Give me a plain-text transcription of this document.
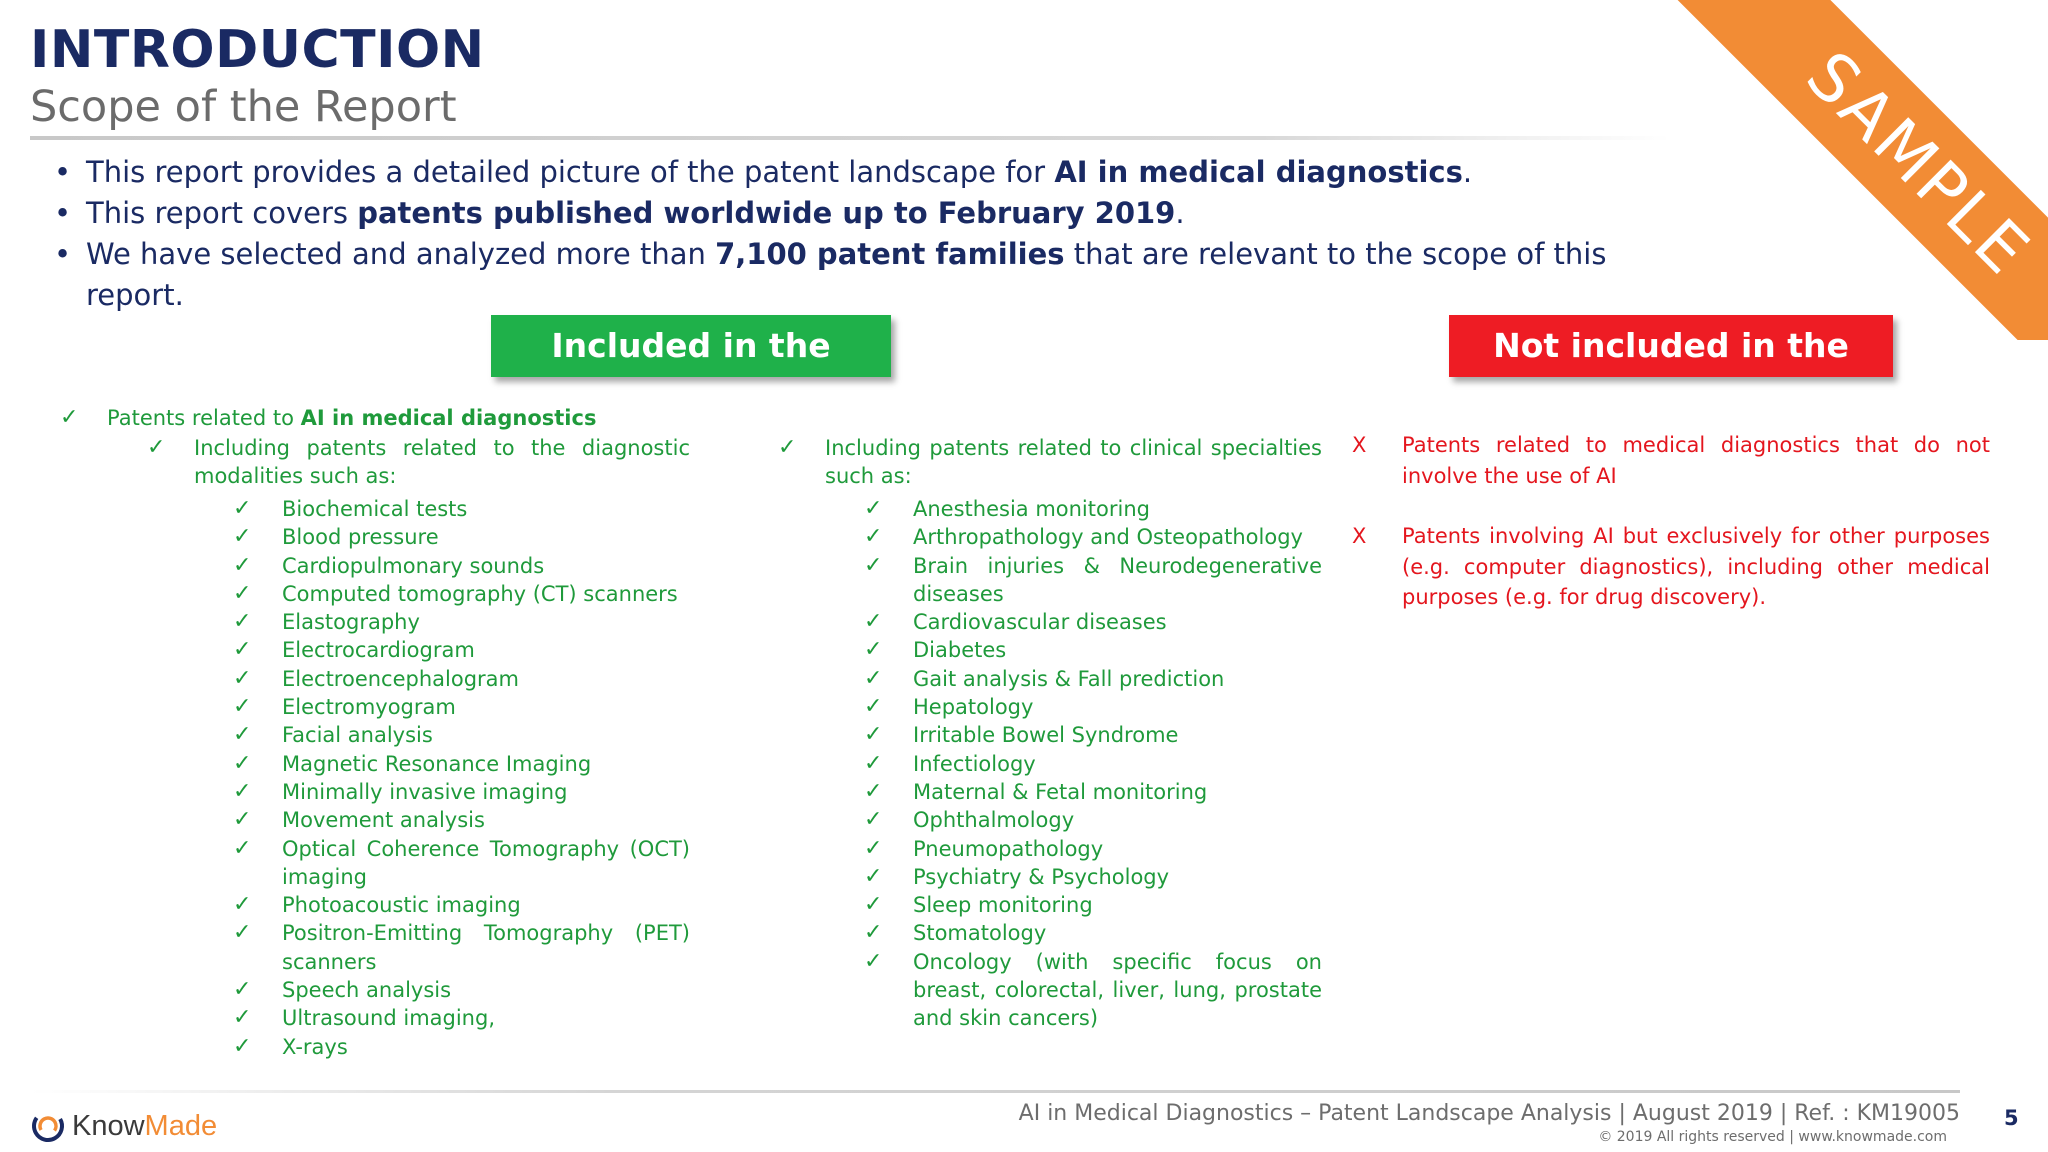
INTRODUCTION
Scope of the Report	SAMPLE
• This report provides a detailed picture of the patent landscape for AI in medical diagnostics.
• This report covers patents published worldwide up to February 2019.
• We have selected and analyzed more than 7,100 patent families that are relevant to the scope of this report.
Included in the report
Not included in the report
✓ Patents related to AI in medical diagnostics
✓ Including patents related to the diagnostic modalities such as:
✓ Biochemical tests
✓ Blood pressure
✓ Cardiopulmonary sounds
✓ Computed tomography (CT) scanners
✓ Elastography
✓ Electrocardiogram
✓ Electroencephalogram
✓ Electromyogram
✓ Facial analysis
✓ Magnetic Resonance Imaging
✓ Minimally invasive imaging
✓ Movement analysis
✓ Optical Coherence Tomography (OCT) imaging
✓ Photoacoustic imaging
✓ Positron-Emitting Tomography (PET) scanners
✓ Speech analysis
✓ Ultrasound imaging,
✓ X-rays
✓ Including patents related to clinical specialties such as:
✓ Anesthesia monitoring
✓ Arthropathology and Osteopathology
✓ Brain injuries & Neurodegenerative diseases
✓ Cardiovascular diseases
✓ Diabetes
✓ Gait analysis & Fall prediction
✓ Hepatology
✓ Irritable Bowel Syndrome
✓ Infectiology
✓ Maternal & Fetal monitoring
✓ Ophthalmology
✓ Pneumopathology
✓ Psychiatry & Psychology
✓ Sleep monitoring
✓ Stomatology
✓ Oncology (with specific focus on breast, colorectal, liver, lung, prostate and skin cancers)
X Patents related to medical diagnostics that do not involve the use of AI
X Patents involving AI but exclusively for other purposes (e.g. computer diagnostics), including other medical purposes (e.g. for drug discovery).
KnowMade	AI in Medical Diagnostics – Patent Landscape Analysis | August 2019 | Ref. : KM19005
© 2019 All rights reserved | www.knowmade.com
5
